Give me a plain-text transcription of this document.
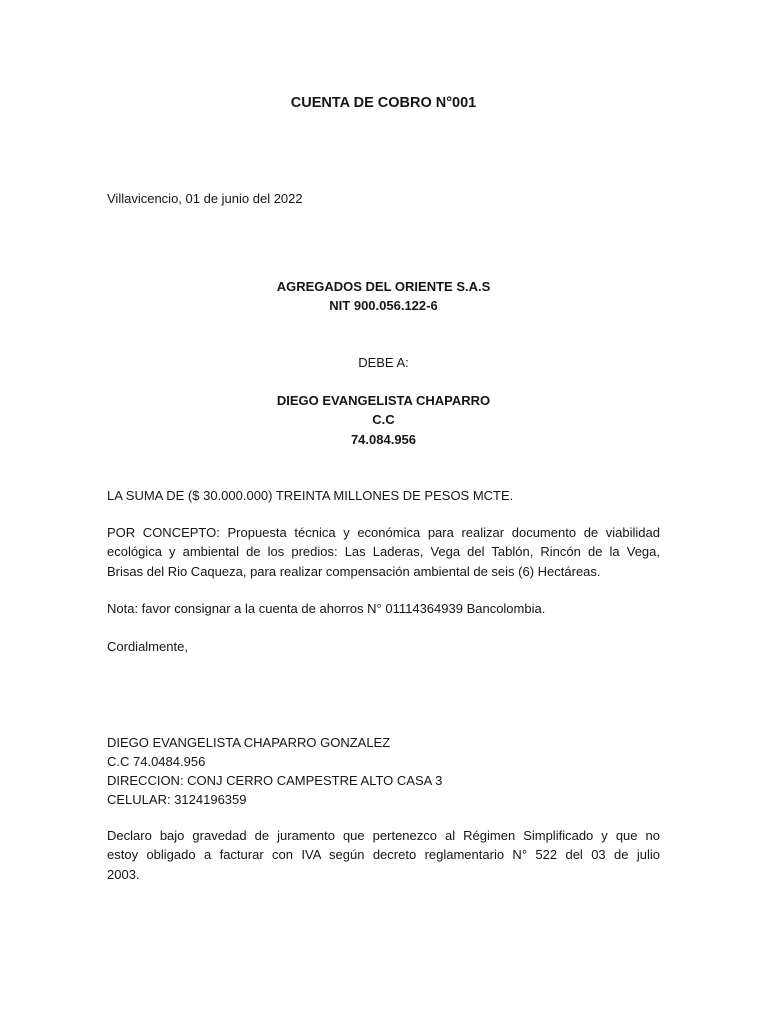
CUENTA DE COBRO N°001
Villavicencio, 01 de junio del 2022
AGREGADOS DEL ORIENTE S.A.S
NIT 900.056.122-6
DEBE A:
DIEGO EVANGELISTA CHAPARRO
C.C
74.084.956
LA SUMA DE ($ 30.000.000) TREINTA MILLONES DE PESOS MCTE.
POR CONCEPTO: Propuesta técnica y económica para realizar documento de viabilidad
ecológica y ambiental de los predios: Las Laderas, Vega del Tablón, Rincón de la Vega,
Brisas del Rio Caqueza, para realizar compensación ambiental de seis (6) Hectáreas.
Nota: favor consignar a la cuenta de ahorros N° 01114364939 Bancolombia.
Cordialmente,
DIEGO EVANGELISTA CHAPARRO GONZALEZ
C.C 74.0484.956
DIRECCION: CONJ CERRO CAMPESTRE ALTO CASA 3
CELULAR: 3124196359
Declaro bajo gravedad de juramento que pertenezco al Régimen Simplificado y que no
estoy obligado a facturar con IVA según decreto reglamentario N° 522 del 03 de julio
2003.
